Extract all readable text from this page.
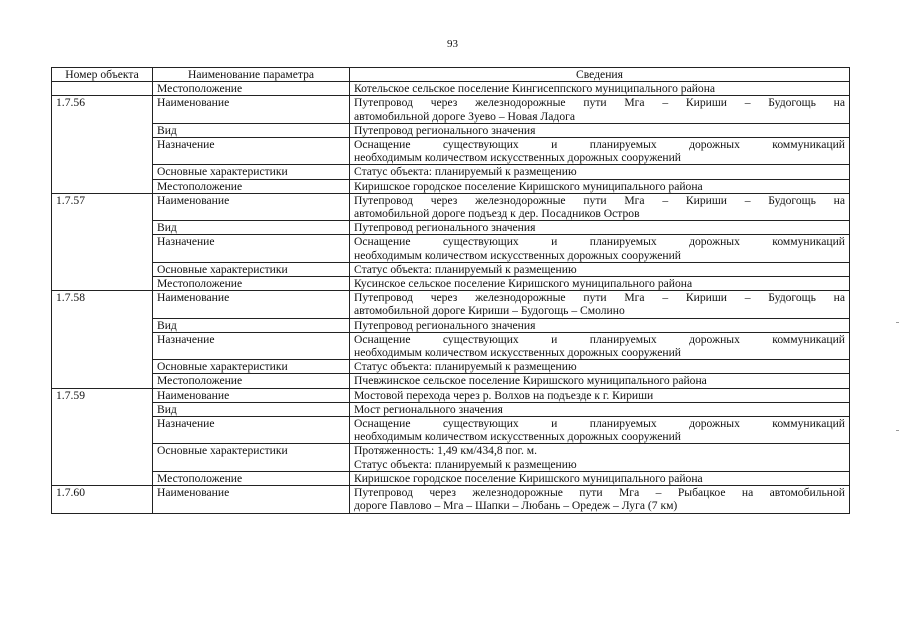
93
Номер объекта	Наименование параметра	Сведения
	Местоположение	Котельское сельское поселение Кингисеппского муниципального района
1.7.56	Наименование	Путепровод через железнодорожные пути Мга – Кириши – Будогощь на
автомобильной дороге Зуево – Новая Ладога

	Вид	Путепровод регионального значения

	Назначение	Оснащение существующих и планируемых дорожных коммуникаций
необходимым количеством искусственных дорожных сооружений

	Основные характеристики	Статус объекта: планируемый к размещению

	Местоположение	Киришское городское поселение Киришского муниципального района

1.7.57	Наименование	Путепровод через железнодорожные пути Мга – Кириши – Будогощь на
автомобильной дороге подъезд к дер. Посадников Остров

	Вид	Путепровод регионального значения

	Назначение	Оснащение существующих и планируемых дорожных коммуникаций
необходимым количеством искусственных дорожных сооружений

	Основные характеристики	Статус объекта: планируемый к размещению

	Местоположение	Кусинское сельское поселение Киришского муниципального района

1.7.58	Наименование	Путепровод через железнодорожные пути Мга – Кириши – Будогощь на
автомобильной дороге Кириши – Будогощь – Смолино

	Вид	Путепровод регионального значения

	Назначение	Оснащение существующих и планируемых дорожных коммуникаций
необходимым количеством искусственных дорожных сооружений

	Основные характеристики	Статус объекта: планируемый к размещению

	Местоположение	Пчевжинское сельское поселение Киришского муниципального района

1.7.59	Наименование	Мостовой перехода через р. Волхов на подъезде к г. Кириши

	Вид	Мост регионального значения

	Назначение	Оснащение существующих и планируемых дорожных коммуникаций
необходимым количеством искусственных дорожных сооружений

	Основные характеристики	Протяженность: 1,49 км/434,8 пог. м.
Статус объекта: планируемый к размещению

	Местоположение	Киришское городское поселение Киришского муниципального района

1.7.60	Наименование	Путепровод через железнодорожные пути Мга – Рыбацкое на автомобильной
дороге Павлово – Мга – Шапки – Любань – Оредеж – Луга (7 км)
